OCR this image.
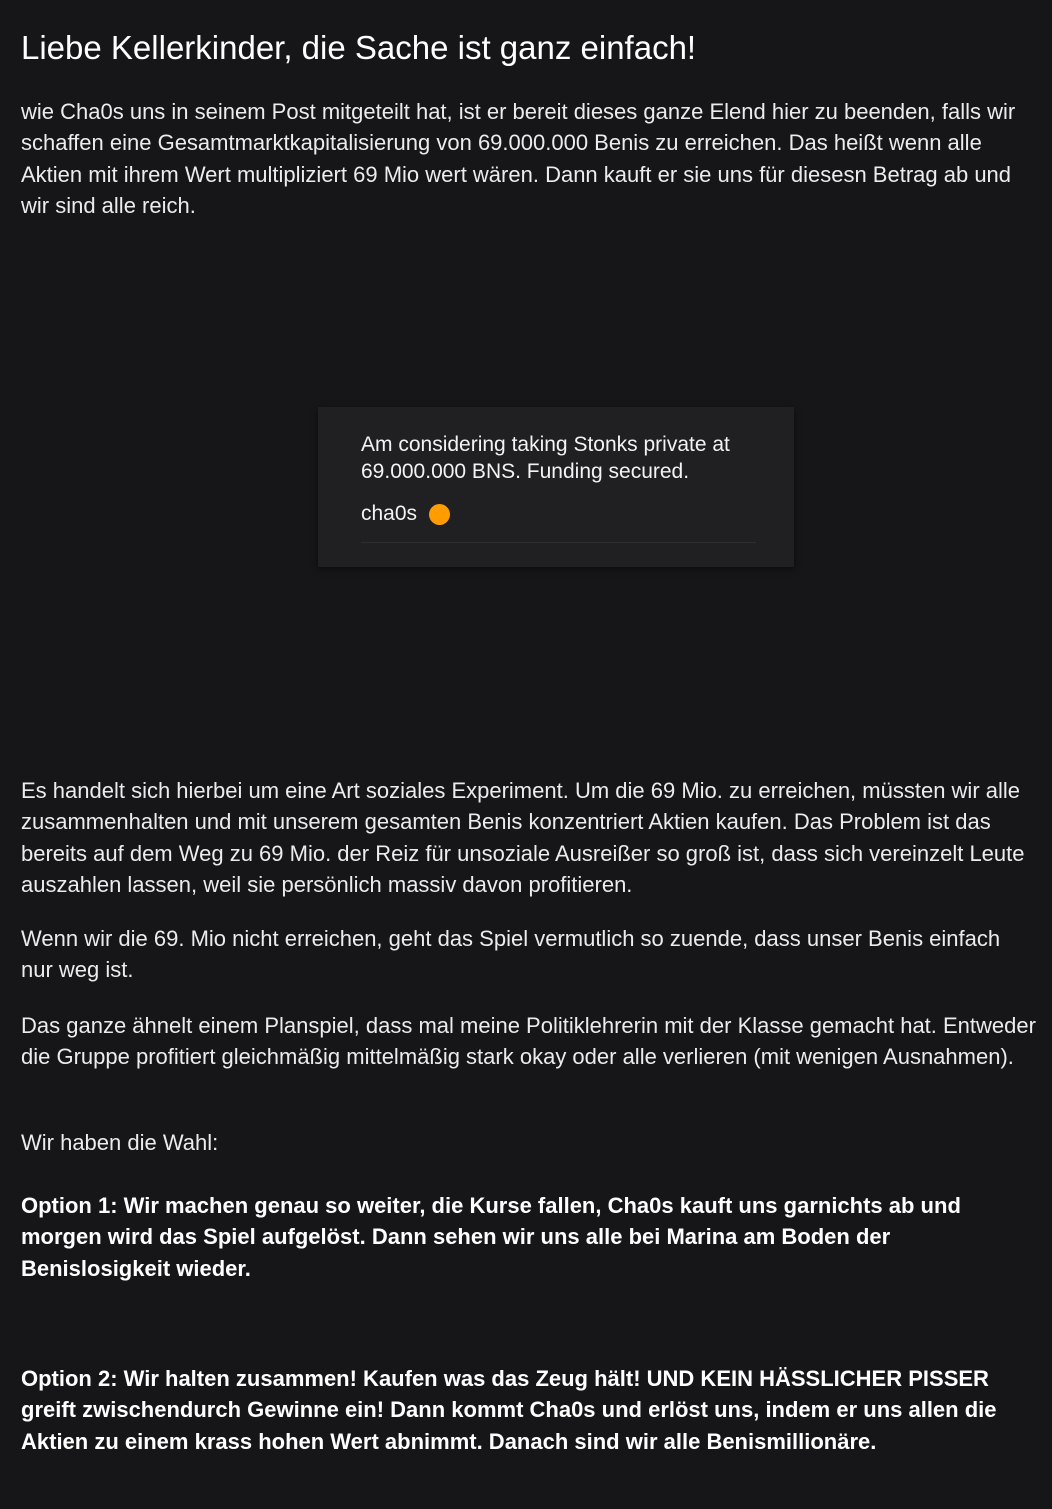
Liebe Kellerkinder, die Sache ist ganz einfach!

wie Cha0s uns in seinem Post mitgeteilt hat, ist er bereit dieses ganze Elend hier zu beenden, falls wir schaffen eine Gesamtmarktkapitalisierung von 69.000.000 Benis zu erreichen. Das heißt wenn alle Aktien mit ihrem Wert multipliziert 69 Mio wert wären. Dann kauft er sie uns für diesesn Betrag ab und wir sind alle reich.

Es handelt sich hierbei um eine Art soziales Experiment. Um die 69 Mio. zu erreichen, müssten wir alle zusammenhalten und mit unserem gesamten Benis konzentriert Aktien kaufen. Das Problem ist das bereits auf dem Weg zu 69 Mio. der Reiz für unsoziale Ausreißer so groß ist, dass sich vereinzelt Leute auszahlen lassen, weil sie persönlich massiv davon profitieren.

Wenn wir die 69. Mio nicht erreichen, geht das Spiel vermutlich so zuende, dass unser Benis einfach nur weg ist.

Das ganze ähnelt einem Planspiel, dass mal meine Politiklehrerin mit der Klasse gemacht hat. Entweder die Gruppe profitiert gleichmäßig mittelmäßig stark okay oder alle verlieren (mit wenigen Ausnahmen).

Wir haben die Wahl:

Option 1: Wir machen genau so weiter, die Kurse fallen, Cha0s kauft uns garnichts ab und morgen wird das Spiel aufgelöst. Dann sehen wir uns alle bei Marina am Boden der Benislosigkeit wieder.

Option 2: Wir halten zusammen! Kaufen was das Zeug hält! UND KEIN HÄSSLICHER PISSER greift zwischendurch Gewinne ein! Dann kommt Cha0s und erlöst uns, indem er uns allen die Aktien zu einem krass hohen Wert abnimmt. Danach sind wir alle Benismillionäre.

Am considering taking Stonks private at 69.000.000 BNS. Funding secured.
cha0s
